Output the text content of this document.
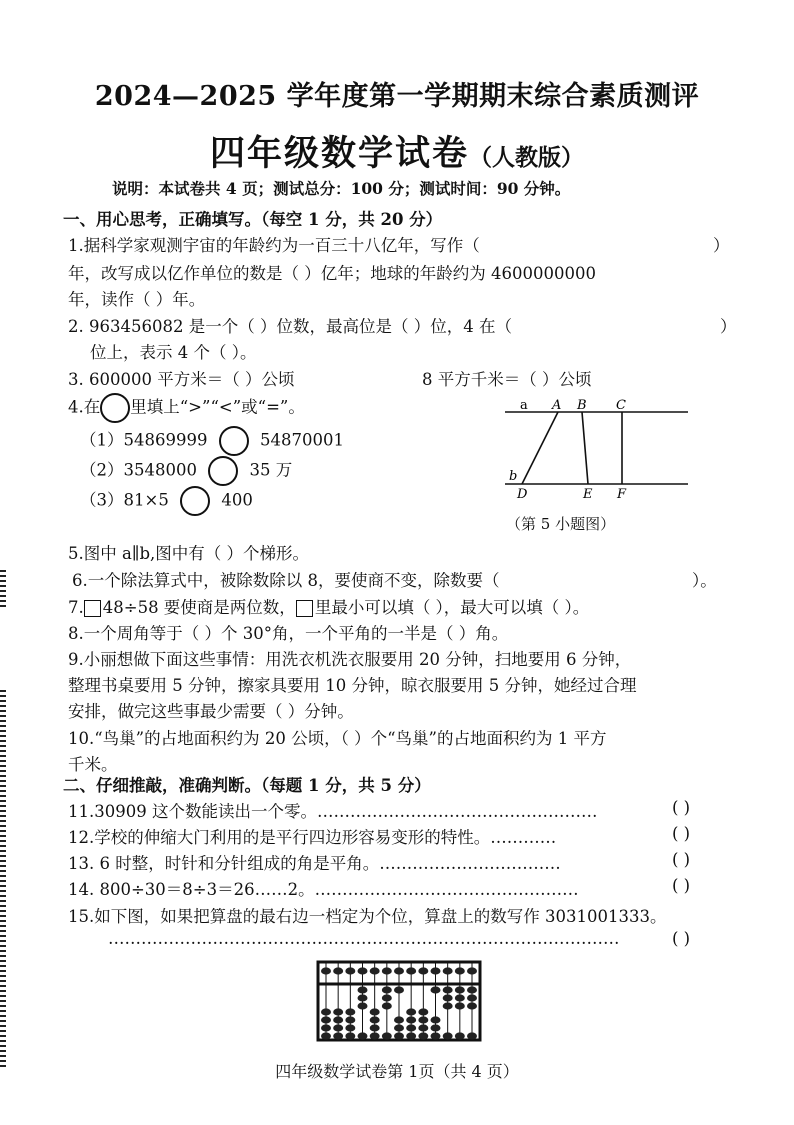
2024—2025 学年度第一学期期末综合素质测评
四年级数学试卷（人教版）
说明：本试卷共 4 页；测试总分：100 分；测试时间：90 分钟。
一、用心思考，正确填写。（每空 1 分，共 20 分）
1.据科学家观测宇宙的年龄约为一百三十八亿年，写作（	）
年，改写成以亿作单位的数是（ ）亿年；地球的年龄约为 4600000000
年，读作（ ）年。
2. 963456082 是一个（ ）位数，最高位是（ ）位，4 在（	）
位上，表示 4 个（ ）。
3. 600000 平方米＝（ ）公顷	8 平方千米＝（ ）公顷
4.在 里填上“>”“<”或“=”。
（1）54869999	54870001
（2）3548000	35 万
（3）81×5	400
a A B C
b
D	E F
（第 5 小题图）
5.图中 a∥b,图中有（ ）个梯形。
6.一个除法算式中，被除数除以 8，要使商不变，除数要（	）。
7. 48÷58 要使商是两位数， 里最小可以填（ ），最大可以填（ ）。
8.一个周角等于（ ）个 30°角，一个平角的一半是（ ）角。
9.小丽想做下面这些事情：用洗衣机洗衣服要用 20 分钟，扫地要用 6 分钟，
整理书桌要用 5 分钟，擦家具要用 10 分钟，晾衣服要用 5 分钟，她经过合理
安排，做完这些事最少需要（ ）分钟。
10.“鸟巢”的占地面积约为 20 公顷，（ ）个“鸟巢”的占地面积约为 1 平方
千米。
二、仔细推敲，准确判断。（每题 1 分，共 5 分）
11.30909 这个数能读出一个零。……………………………………………	( )
12.学校的伸缩大门利用的是平行四边形容易变形的特性。…………	( )
13. 6 时整，时针和分针组成的角是平角。……………………………	( )
14. 800÷30＝8÷3＝26……2。…………………………………………	( )
15.如下图，如果把算盘的最右边一档定为个位，算盘上的数写作 3031001333。
…………………………………………………………………………………	( )
四年级数学试卷第 1页（共 4 页）
